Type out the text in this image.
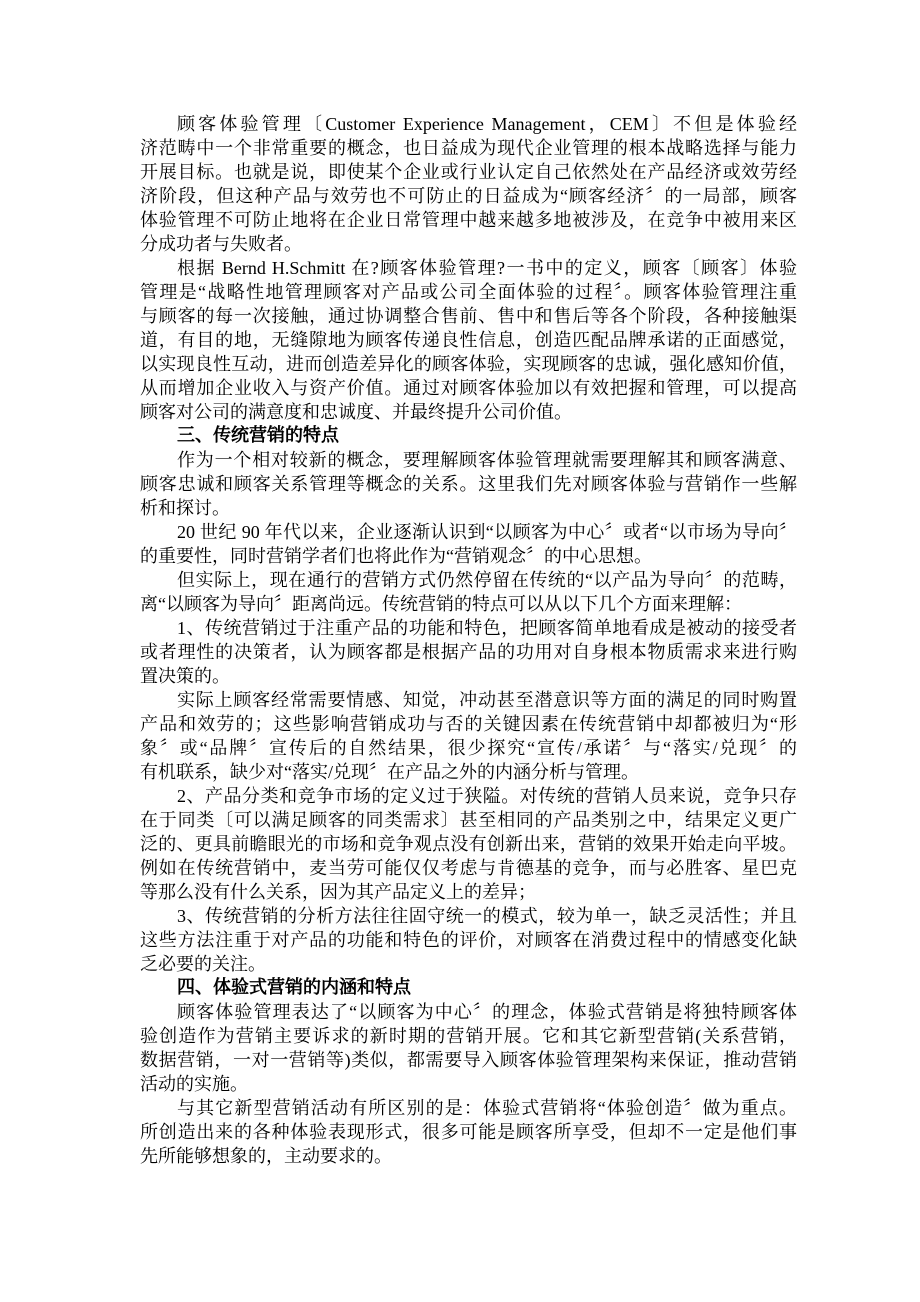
顾客体验管理〔Customer Experience Management，CEM〕不但是体验经
济范畴中一个非常重要的概念，也日益成为现代企业管理的根本战略选择与能力
开展目标。也就是说，即使某个企业或行业认定自己依然处在产品经济或效劳经
济阶段，但这种产品与效劳也不可防止的日益成为“顾客经济〞的一局部，顾客
体验管理不可防止地将在企业日常管理中越来越多地被涉及，在竞争中被用来区
分成功者与失败者。
根据 Bernd H.Schmitt 在?顾客体验管理?一书中的定义，顾客〔顾客〕体验
管理是“战略性地管理顾客对产品或公司全面体验的过程〞。顾客体验管理注重
与顾客的每一次接触，通过协调整合售前、售中和售后等各个阶段，各种接触渠
道，有目的地，无缝隙地为顾客传递良性信息，创造匹配品牌承诺的正面感觉，
以实现良性互动，进而创造差异化的顾客体验，实现顾客的忠诚，强化感知价值，
从而增加企业收入与资产价值。通过对顾客体验加以有效把握和管理，可以提高
顾客对公司的满意度和忠诚度、并最终提升公司价值。
三、传统营销的特点
作为一个相对较新的概念，要理解顾客体验管理就需要理解其和顾客满意、
顾客忠诚和顾客关系管理等概念的关系。这里我们先对顾客体验与营销作一些解
析和探讨。
20 世纪 90 年代以来，企业逐渐认识到“以顾客为中心〞或者“以市场为导向〞
的重要性，同时营销学者们也将此作为“营销观念〞的中心思想。
但实际上，现在通行的营销方式仍然停留在传统的“以产品为导向〞的范畴，
离“以顾客为导向〞距离尚远。传统营销的特点可以从以下几个方面来理解：
1、传统营销过于注重产品的功能和特色，把顾客简单地看成是被动的接受者
或者理性的决策者，认为顾客都是根据产品的功用对自身根本物质需求来进行购
置决策的。
实际上顾客经常需要情感、知觉，冲动甚至潜意识等方面的满足的同时购置
产品和效劳的；这些影响营销成功与否的关键因素在传统营销中却都被归为“形
象〞或“品牌〞宣传后的自然结果，很少探究“宣传/承诺〞与“落实/兑现〞的
有机联系，缺少对“落实/兑现〞在产品之外的内涵分析与管理。
2、产品分类和竞争市场的定义过于狭隘。对传统的营销人员来说，竞争只存
在于同类〔可以满足顾客的同类需求〕甚至相同的产品类别之中，结果定义更广
泛的、更具前瞻眼光的市场和竞争观点没有创新出来，营销的效果开始走向平坡。
例如在传统营销中，麦当劳可能仅仅考虑与肯德基的竞争，而与必胜客、星巴克
等那么没有什么关系，因为其产品定义上的差异；
3、传统营销的分析方法往往固守统一的模式，较为单一，缺乏灵活性；并且
这些方法注重于对产品的功能和特色的评价，对顾客在消费过程中的情感变化缺
乏必要的关注。
四、体验式营销的内涵和特点
顾客体验管理表达了“以顾客为中心〞的理念，体验式营销是将独特顾客体
验创造作为营销主要诉求的新时期的营销开展。它和其它新型营销(关系营销，
数据营销，一对一营销等)类似，都需要导入顾客体验管理架构来保证，推动营销
活动的实施。
与其它新型营销活动有所区别的是：体验式营销将“体验创造〞做为重点。
所创造出来的各种体验表现形式，很多可能是顾客所享受，但却不一定是他们事
先所能够想象的，主动要求的。
